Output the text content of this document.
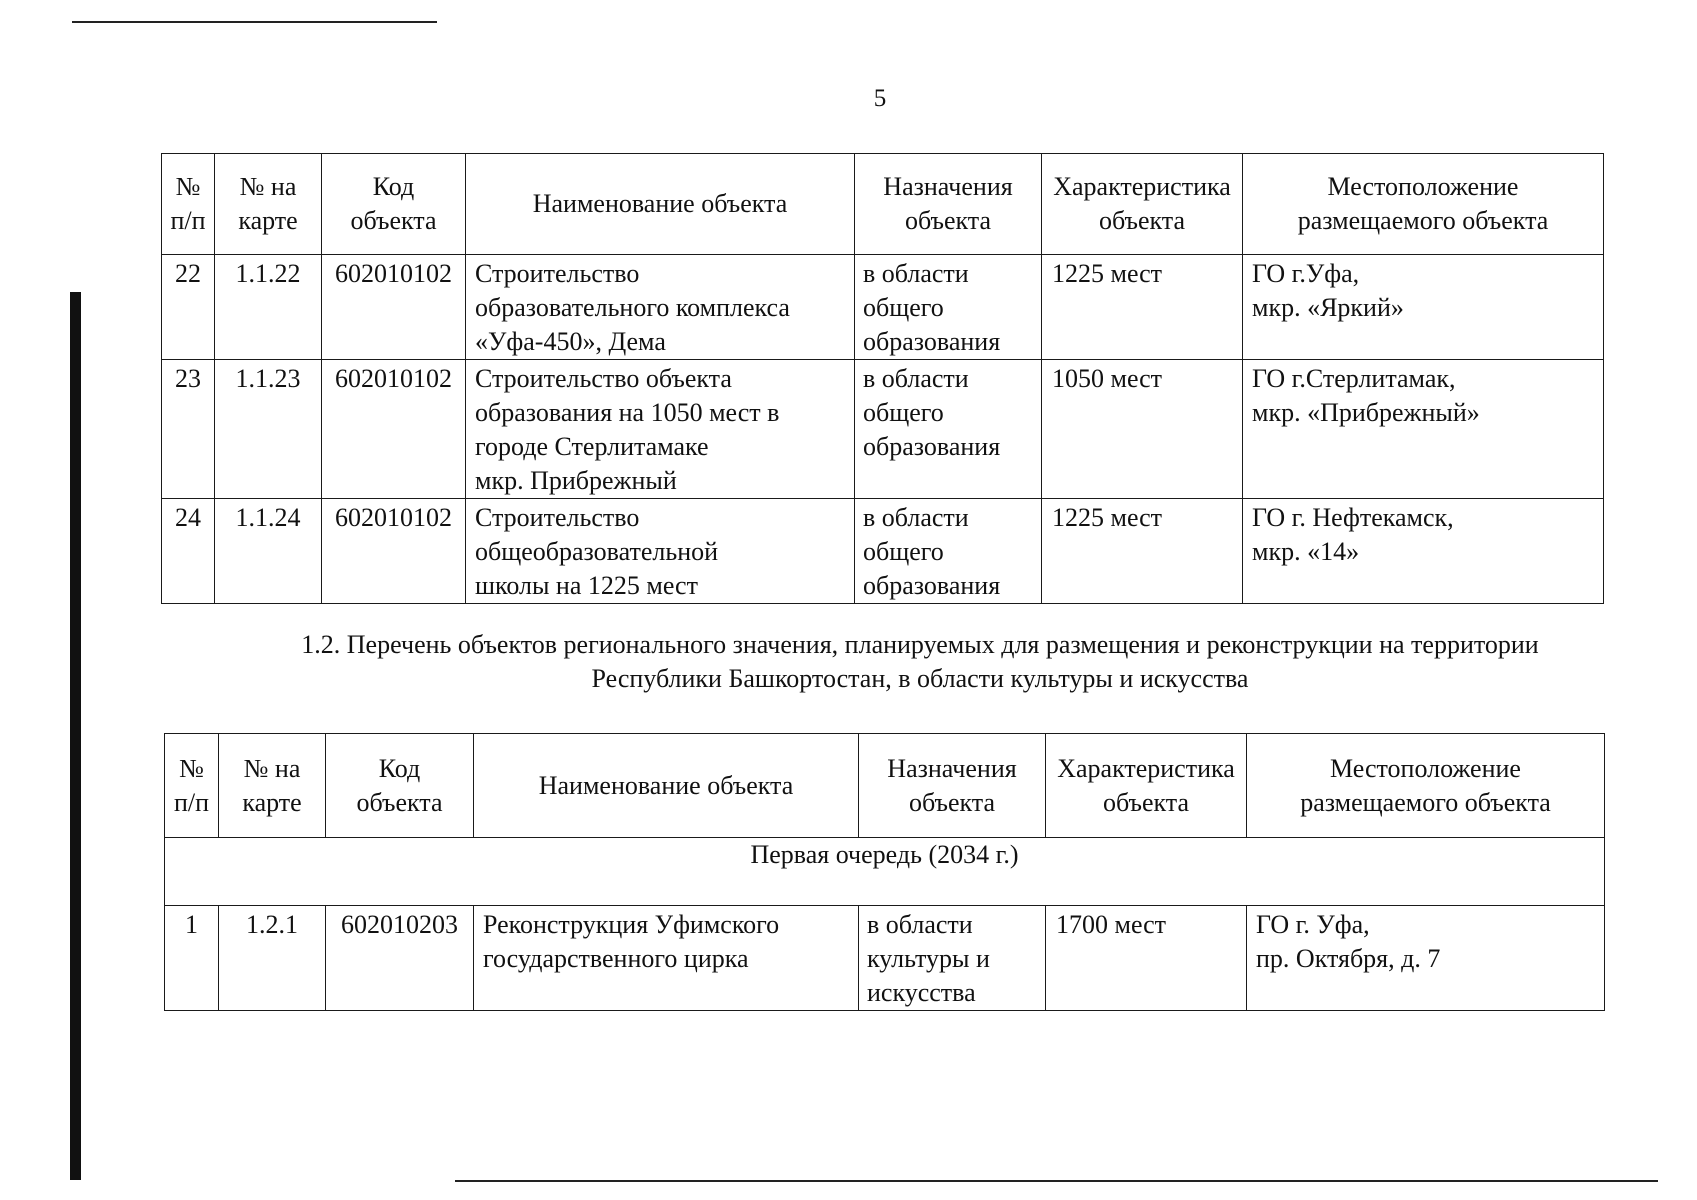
5
№
п/п	№ на
карте	Код
объекта	Наименование объекта	Назначения
объекта	Характеристика
объекта	Местоположение
размещаемого объекта

22	1.1.22	602010102	Строительство
образовательного комплекса
«Уфа-450», Дема	в области
общего
образования	1225 мест	ГО г.Уфа,
мкр. «Яркий»
23	1.1.23	602010102	Строительство объекта
образования на 1050 мест в
городе Стерлитамаке
мкр. Прибрежный	в области
общего
образования	1050 мест	ГО г.Стерлитамак,
мкр. «Прибрежный»
24	1.1.24	602010102	Строительство
общеобразовательной
школы на 1225 мест	в области
общего
образования	1225 мест	ГО г. Нефтекамск,
мкр. «14»
1.2. Перечень объектов регионального значения, планируемых для размещения и реконструкции на территории
Республики Башкортостан, в области культуры и искусства
№
п/п	№ на
карте	Код
объекта	Наименование объекта	Назначения
объекта	Характеристика
объекта	Местоположение
размещаемого объекта

Первая очередь (2034 г.)						
1	1.2.1	602010203	Реконструкция Уфимского
государственного цирка	в области
культуры и
искусства	1700 мест	ГО г. Уфа,
пр. Октября, д. 7
